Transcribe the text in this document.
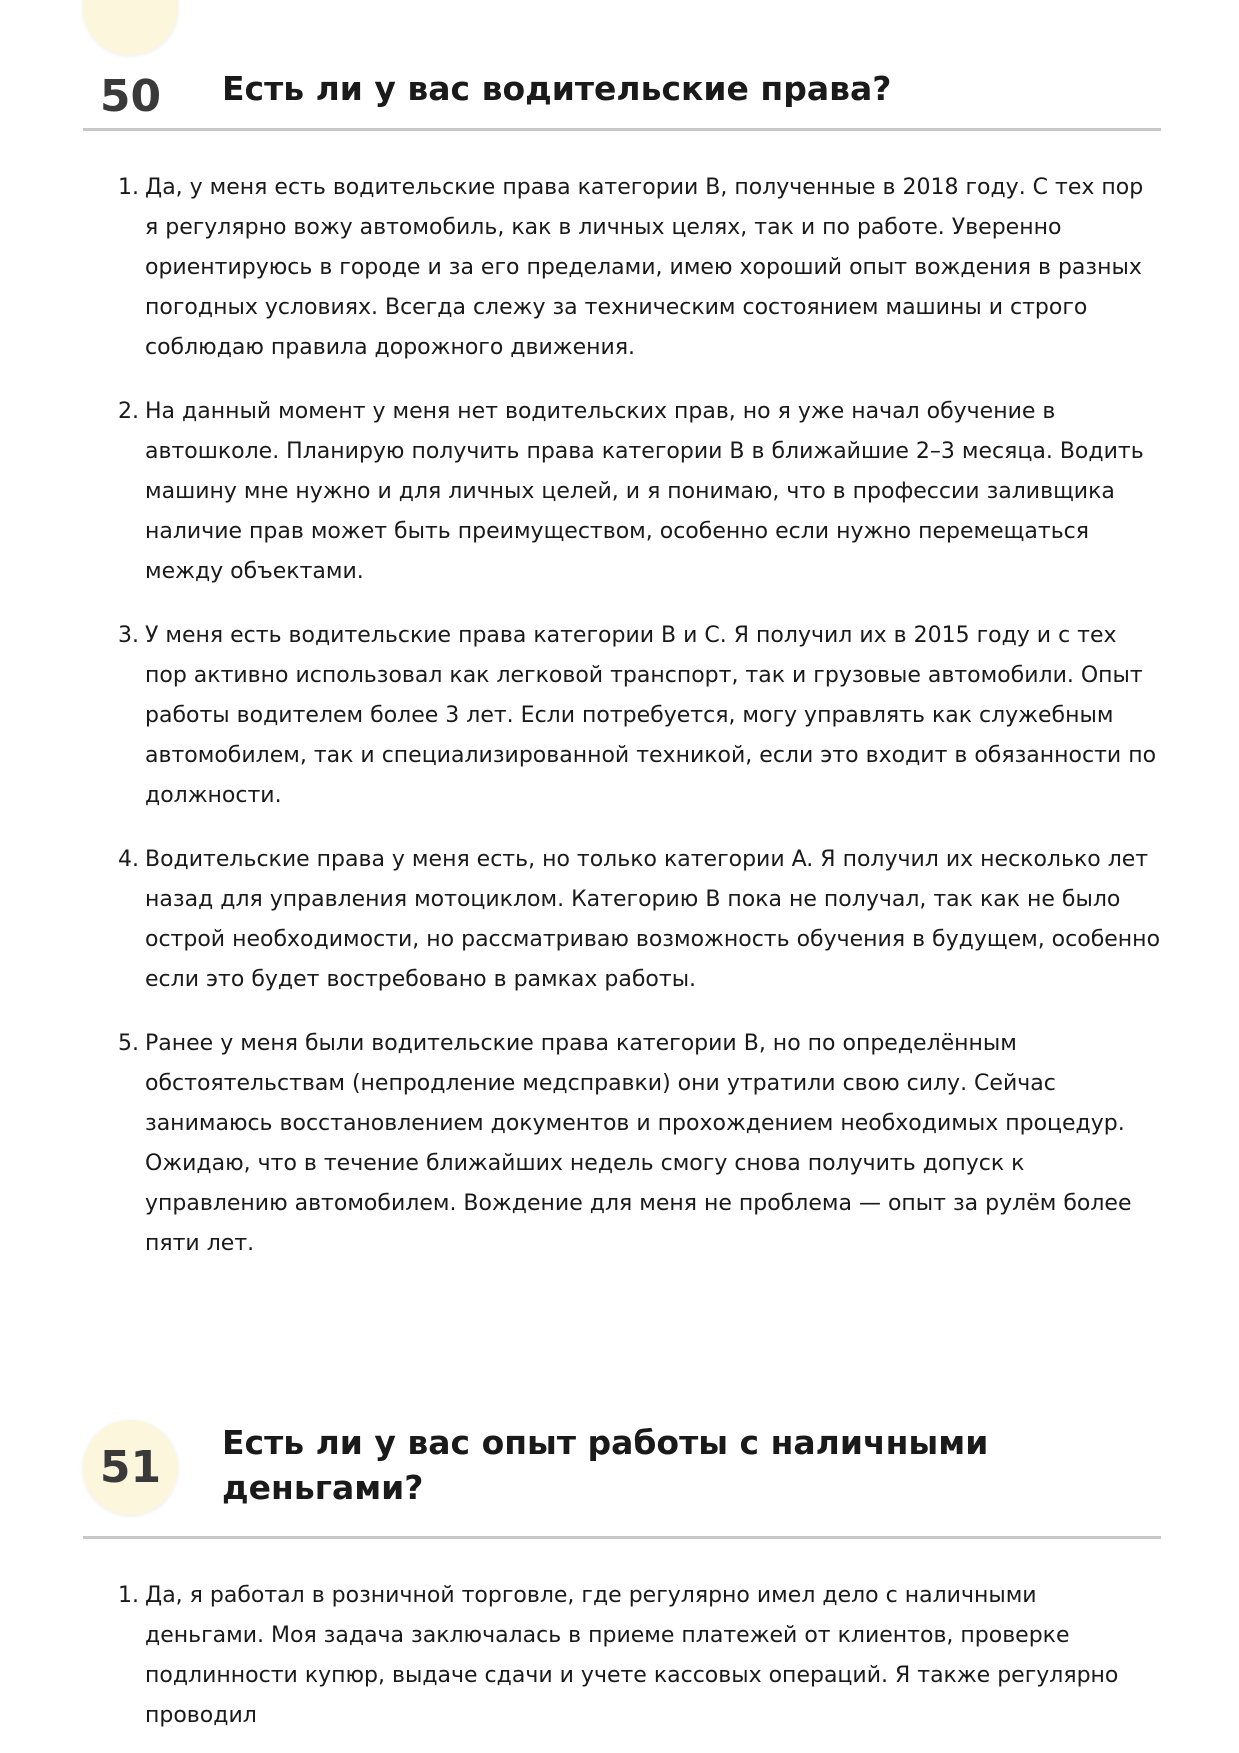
50	Есть ли у вас водительские права?
1. Да, у меня есть водительские права категории B, полученные в 2018 году. С тех пор я регулярно вожу автомобиль, как в личных целях, так и по работе. Уверенно ориентируюсь в городе и за его пределами, имею хороший опыт вождения в разных погодных условиях. Всегда слежу за техническим состоянием машины и строго соблюдаю правила дорожного движения.
2. На данный момент у меня нет водительских прав, но я уже начал обучение в автошколе. Планирую получить права категории B в ближайшие 2–3 месяца. Водить машину мне нужно и для личных целей, и я понимаю, что в профессии заливщика наличие прав может быть преимуществом, особенно если нужно перемещаться между объектами.
3. У меня есть водительские права категории B и C. Я получил их в 2015 году и с тех пор активно использовал как легковой транспорт, так и грузовые автомобили. Опыт работы водителем более 3 лет. Если потребуется, могу управлять как служебным автомобилем, так и специализированной техникой, если это входит в обязанности по должности.
4. Водительские права у меня есть, но только категории A. Я получил их несколько лет назад для управления мотоциклом. Категорию B пока не получал, так как не было острой необходимости, но рассматриваю возможность обучения в будущем, особенно если это будет востребовано в рамках работы.
5. Ранее у меня были водительские права категории B, но по определённым обстоятельствам (непродление медсправки) они утратили свою силу. Сейчас занимаюсь восстановлением документов и прохождением необходимых процедур. Ожидаю, что в течение ближайших недель смогу снова получить допуск к управлению автомобилем. Вождение для меня не проблема — опыт за рулём более пяти лет.
51 Есть ли у вас опыт работы с наличными деньгами?
1. Да, я работал в розничной торговле, где регулярно имел дело с наличными деньгами. Моя задача заключалась в приеме платежей от клиентов, проверке подлинности купюр, выдаче сдачи и учете кассовых операций. Я также регулярно проводил
